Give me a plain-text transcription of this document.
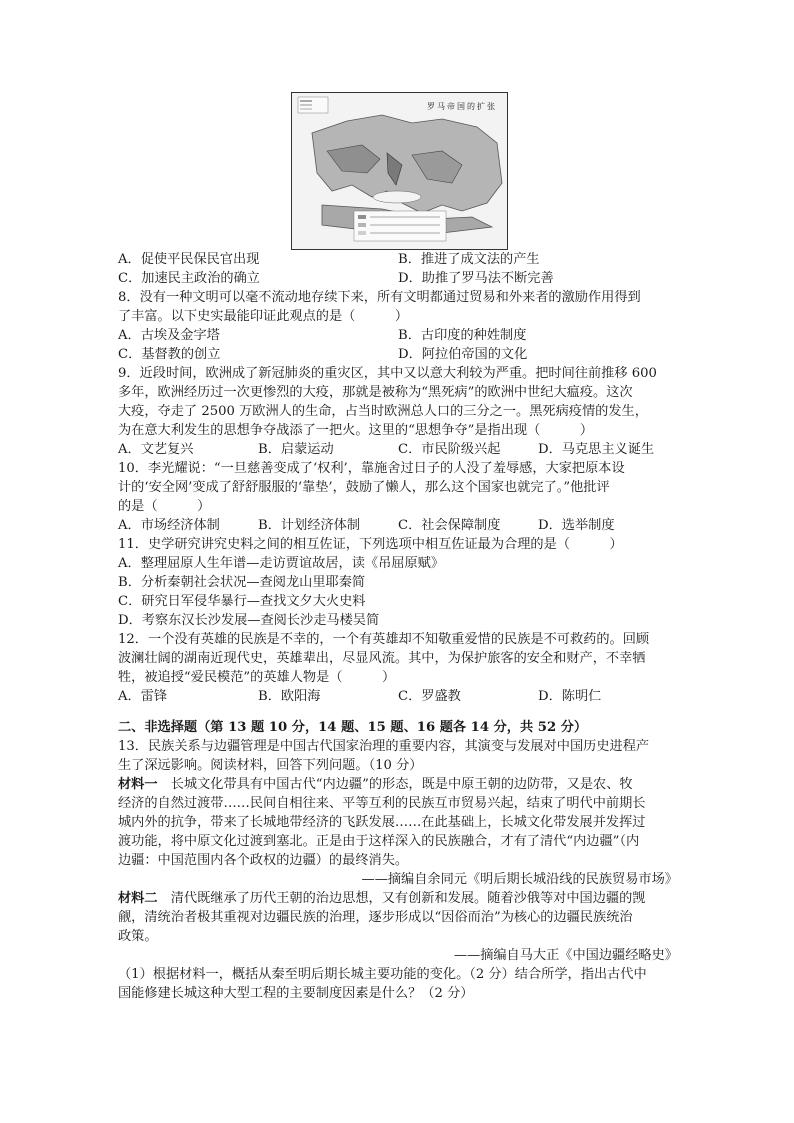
罗马帝国的扩张
A．促使平民保民官出现	B．推进了成文法的产生
C．加速民主政治的确立	D．助推了罗马法不断完善
8．没有一种文明可以毫不流动地存续下来，所有文明都通过贸易和外来者的激励作用得到
了丰富。以下史实最能印证此观点的是（　　　）
A．古埃及金字塔	B．古印度的种姓制度
C．基督教的创立	D．阿拉伯帝国的文化
9．近段时间，欧洲成了新冠肺炎的重灾区，其中又以意大利较为严重。把时间往前推移 600
多年，欧洲经历过一次更惨烈的大疫，那就是被称为“黑死病”的欧洲中世纪大瘟疫。这次
大疫，夺走了 2500 万欧洲人的生命，占当时欧洲总人口的三分之一。黑死病疫情的发生，
为在意大利发生的思想争夺战添了一把火。这里的“思想争夺”是指出现（　　　）
A．文艺复兴	B．启蒙运动	C．市民阶级兴起	D．马克思主义诞生
10．李光耀说：“一旦慈善变成了‘权利’，靠施舍过日子的人没了羞辱感，大家把原本设
计的‘安全网’变成了舒舒服服的‘靠垫’，鼓励了懒人，那么这个国家也就完了。”他批评
的是（　　　）
A．市场经济体制	B．计划经济体制	C．社会保障制度	D．选举制度
11．史学研究讲究史料之间的相互佐证，下列选项中相互佐证最为合理的是（　　　）
A．整理屈原人生年谱—走访贾谊故居，读《吊屈原赋》
B．分析秦朝社会状况—查阅龙山里耶秦简
C．研究日军侵华暴行—查找文夕大火史料
D．考察东汉长沙发展—查阅长沙走马楼吴简
12．一个没有英雄的民族是不幸的，一个有英雄却不知敬重爱惜的民族是不可救药的。回顾
波澜壮阔的湖南近现代史，英雄辈出，尽显风流。其中，为保护旅客的安全和财产，不幸牺
牲，被追授“爱民模范”的英雄人物是（　　　）
A．雷锋	B．欧阳海	C．罗盛教	D．陈明仁
二、非选择题（第 13 题 10 分，14 题、15 题、16 题各 14 分，共 52 分）
13．民族关系与边疆管理是中国古代国家治理的重要内容，其演变与发展对中国历史进程产
生了深远影响。阅读材料，回答下列问题。（10 分）
材料一　长城文化带具有中国古代“内边疆”的形态，既是中原王朝的边防带，又是农、牧
经济的自然过渡带……民间自相往来、平等互利的民族互市贸易兴起，结束了明代中前期长
城内外的抗争，带来了长城地带经济的飞跃发展……在此基础上，长城文化带发展并发挥过
渡功能，将中原文化过渡到塞北。正是由于这样深入的民族融合，才有了清代“内边疆”（内
边疆：中国范围内各个政权的边疆）的最终消失。
——摘编自余同元《明后期长城沿线的民族贸易市场》
材料二　清代既继承了历代王朝的治边思想，又有创新和发展。随着沙俄等对中国边疆的觊
觎，清统治者极其重视对边疆民族的治理，逐步形成以“因俗而治”为核心的边疆民族统治
政策。
——摘编自马大正《中国边疆经略史》
（1）根据材料一，概括从秦至明后期长城主要功能的变化。（2 分）结合所学，指出古代中
国能修建长城这种大型工程的主要制度因素是什么？（2 分）
